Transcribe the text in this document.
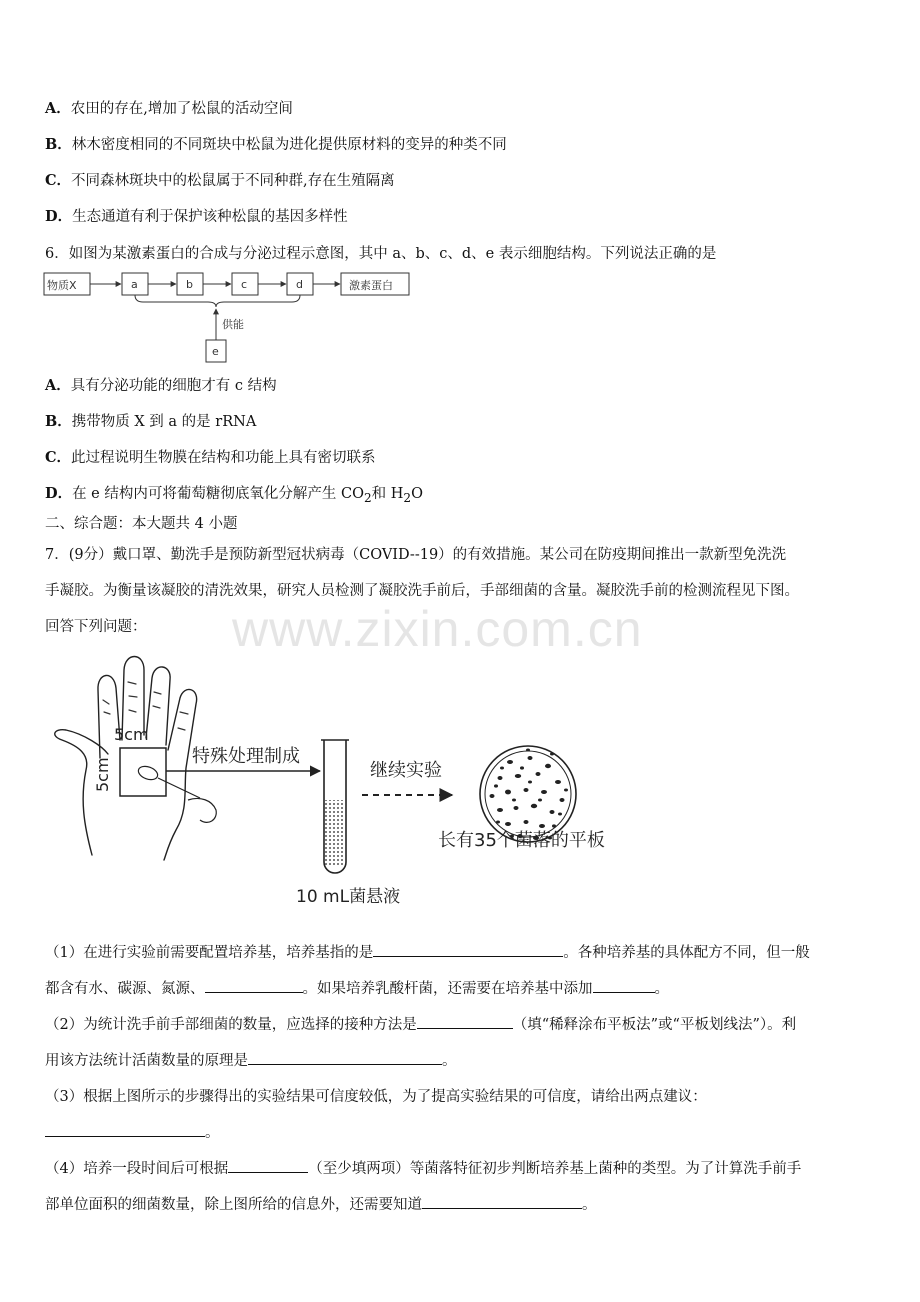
A．农田的存在,增加了松鼠的活动空间
B．林木密度相同的不同斑块中松鼠为进化提供原材料的变异的种类不同
C．不同森林斑块中的松鼠属于不同种群,存在生殖隔离
D．生态通道有利于保护该种松鼠的基因多样性
6．如图为某激素蛋白的合成与分泌过程示意图，其中 a、b、c、d、e 表示细胞结构。下列说法正确的是
物质X	a	b	c	d	激素蛋白
供能
e
A．具有分泌功能的细胞才有 c 结构
B．携带物质 X 到 a 的是 rRNA
C．此过程说明生物膜在结构和功能上具有密切联系
D．在 e 结构内可将葡萄糖彻底氧化分解产生 $CO_2$和 $H_2O$
二、综合题：本大题共 4 小题
7．(9分）戴口罩、勤洗手是预防新型冠状病毒（COVID--19）的有效措施。某公司在防疫期间推出一款新型免洗洗
手凝胶。为衡量该凝胶的清洗效果，研究人员检测了凝胶洗手前后，手部细菌的含量。凝胶洗手前的检测流程见下图。
回答下列问题： www.zixin.com.cn
5cm
5cm
特殊处理制成
10 mL菌悬液
继续实验
长有35个菌落的平板
（1）在进行实验前需要配置培养基，培养基指的是	。各种培养基的具体配方不同，但一般
都含有水、碳源、氮源、	。如果培养乳酸杆菌，还需要在培养基中添加	。
（2）为统计洗手前手部细菌的数量，应选择的接种方法是	（填“稀释涂布平板法”或“平板划线法”）。利
用该方法统计活菌数量的原理是	。
（3）根据上图所示的步骤得出的实验结果可信度较低，为了提高实验结果的可信度，请给出两点建议：
。
（4）培养一段时间后可根据	（至少填两项）等菌落特征初步判断培养基上菌种的类型。为了计算洗手前手
部单位面积的细菌数量，除上图所给的信息外，还需要知道	。
